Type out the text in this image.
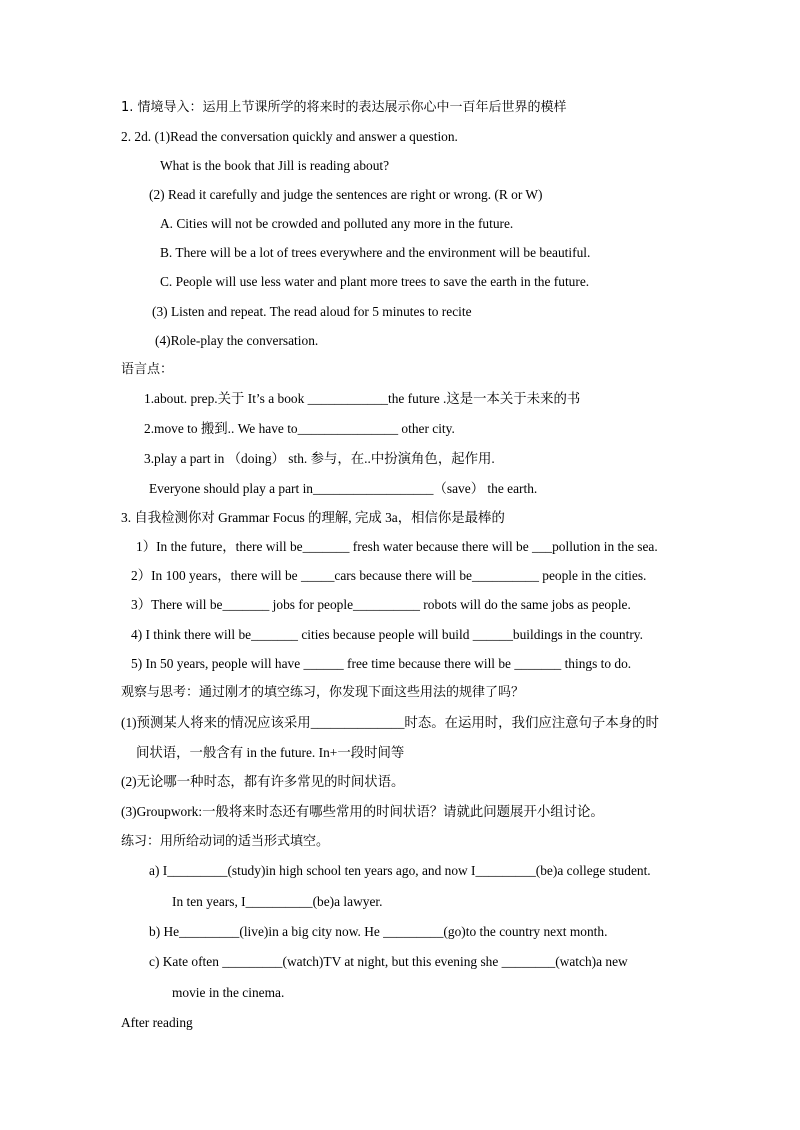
1. 情境导入：运用上节课所学的将来时的表达展示你心中一百年后世界的模样
2. 2d. (1)Read the conversation quickly and answer a question.
What is the book that Jill is reading about?
(2) Read it carefully and judge the sentences are right or wrong. (R or W)
A. Cities will not be crowded and polluted any more in the future.
B. There will be a lot of trees everywhere and the environment will be beautiful.
C. People will use less water and plant more trees to save the earth in the future.
(3) Listen and repeat. The read aloud for 5 minutes to recite
(4)Role-play the conversation.
语言点：
1.about. prep.关于 It’s a book ____________the future .这是一本关于未来的书
2.move to 搬到.. We have to_______________ other city.
3.play a part in （doing） sth. 参与，在..中扮演角色，起作用.
Everyone should play a part in__________________（save） the earth.
3. 自我检测你对 Grammar Focus 的理解, 完成 3a，相信你是最棒的
1）In the future，there will be_______ fresh water because there will be ___pollution in the sea.
2）In 100 years，there will be _____cars because there will be__________ people in the cities.
3）There will be_______ jobs for people__________ robots will do the same jobs as people.
4) I think there will be_______ cities because people will build ______buildings in the country.
5) In 50 years, people will have ______ free time because there will be _______ things to do.
观察与思考：通过刚才的填空练习，你发现下面这些用法的规律了吗？
(1)预测某人将来的情况应该采用______________时态。在运用时，我们应注意句子本身的时
间状语，一般含有 in the future. In+一段时间等
(2)无论哪一种时态，都有许多常见的时间状语。
(3)Groupwork:一般将来时态还有哪些常用的时间状语？请就此问题展开小组讨论。
练习：用所给动词的适当形式填空。
a) I_________(study)in high school ten years ago, and now I_________(be)a college student.
In ten years, I__________(be)a lawyer.
b) He_________(live)in a big city now. He _________(go)to the country next month.
c) Kate often _________(watch)TV at night, but this evening she ________(watch)a new
movie in the cinema.
After reading
